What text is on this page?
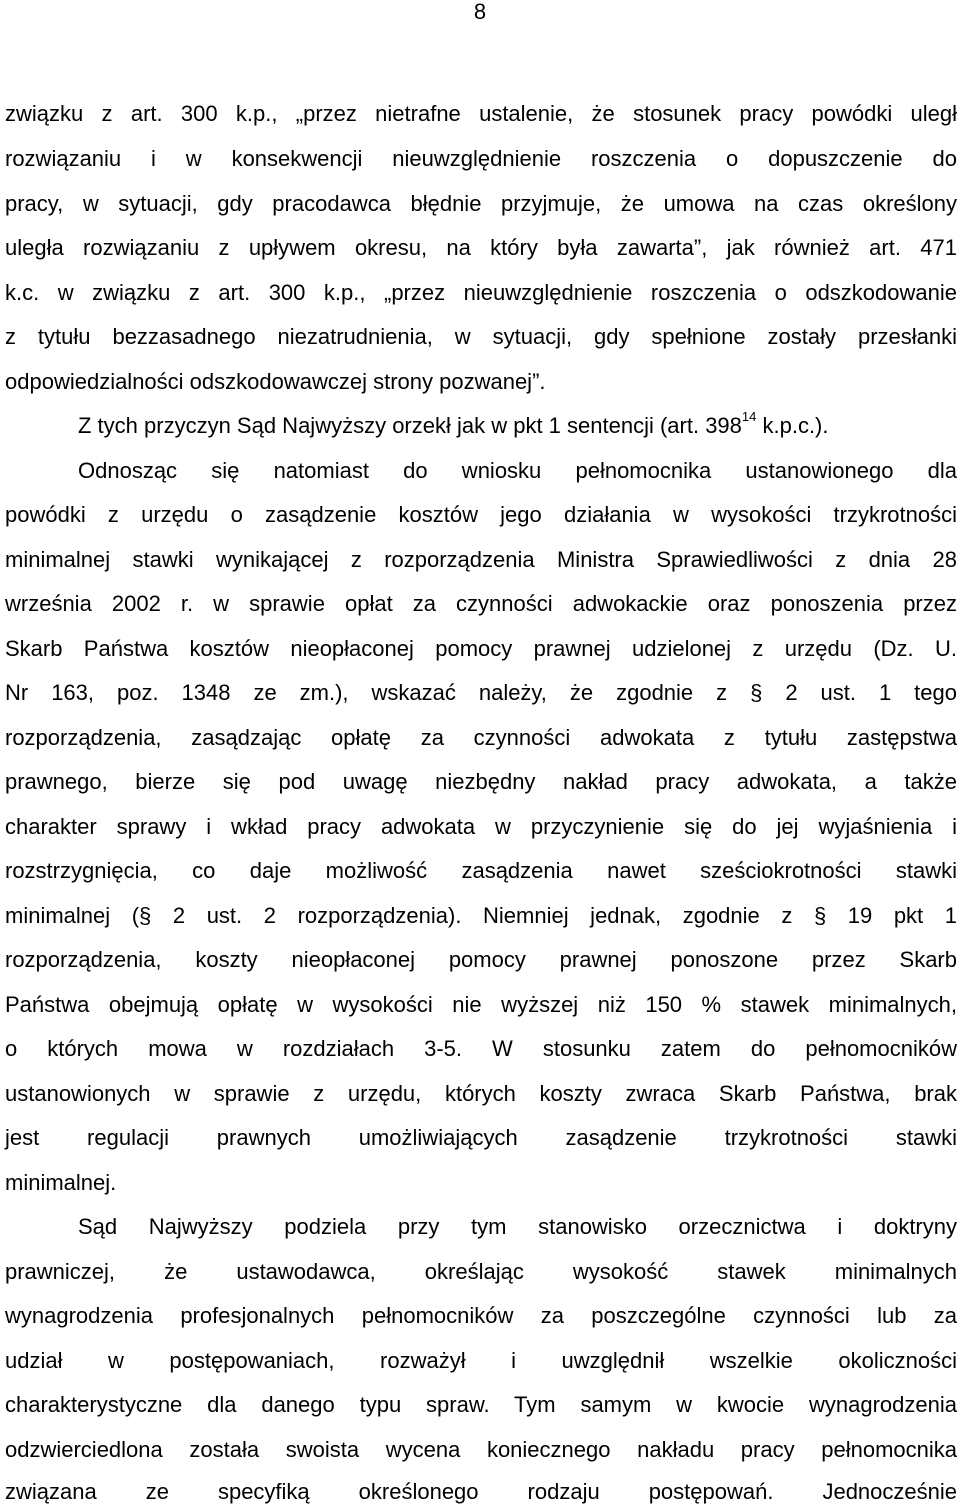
8
związku z art. 300 k.p., „przez nietrafne ustalenie, że stosunek pracy powódki uległ
rozwiązaniu i w konsekwencji nieuwzględnienie roszczenia o dopuszczenie do
pracy, w sytuacji, gdy pracodawca błędnie przyjmuje, że umowa na czas określony
uległa rozwiązaniu z upływem okresu, na który była zawarta”, jak również art. 471
k.c. w związku z art. 300 k.p., „przez nieuwzględnienie roszczenia o odszkodowanie
z tytułu bezzasadnego niezatrudnienia, w sytuacji, gdy spełnione zostały przesłanki
odpowiedzialności odszkodowawczej strony pozwanej”.
Z tych przyczyn Sąd Najwyższy orzekł jak w pkt 1 sentencji (art. $398^{14}$ k.p.c.).
Odnosząc się natomiast do wniosku pełnomocnika ustanowionego dla
powódki z urzędu o zasądzenie kosztów jego działania w wysokości trzykrotności
minimalnej stawki wynikającej z rozporządzenia Ministra Sprawiedliwości z dnia 28
września 2002 r. w sprawie opłat za czynności adwokackie oraz ponoszenia przez
Skarb Państwa kosztów nieopłaconej pomocy prawnej udzielonej z urzędu (Dz. U.
Nr 163, poz. 1348 ze zm.), wskazać należy, że zgodnie z § 2 ust. 1 tego
rozporządzenia, zasądzając opłatę za czynności adwokata z tytułu zastępstwa
prawnego, bierze się pod uwagę niezbędny nakład pracy adwokata, a także
charakter sprawy i wkład pracy adwokata w przyczynienie się do jej wyjaśnienia i
rozstrzygnięcia, co daje możliwość zasądzenia nawet sześciokrotności stawki
minimalnej (§ 2 ust. 2 rozporządzenia). Niemniej jednak, zgodnie z § 19 pkt 1
rozporządzenia, koszty nieopłaconej pomocy prawnej ponoszone przez Skarb
Państwa obejmują opłatę w wysokości nie wyższej niż 150 % stawek minimalnych,
o których mowa w rozdziałach 3-5. W stosunku zatem do pełnomocników
ustanowionych w sprawie z urzędu, których koszty zwraca Skarb Państwa, brak
jest regulacji prawnych umożliwiających zasądzenie trzykrotności stawki
minimalnej.
Sąd Najwyższy podziela przy tym stanowisko orzecznictwa i doktryny
prawniczej, że ustawodawca, określając wysokość stawek minimalnych
wynagrodzenia profesjonalnych pełnomocników za poszczególne czynności lub za
udział w postępowaniach, rozważył i uwzględnił wszelkie okoliczności
charakterystyczne dla danego typu spraw. Tym samym w kwocie wynagrodzenia
odzwierciedlona została swoista wycena koniecznego nakładu pracy pełnomocnika
związana ze specyfiką określonego rodzaju postępowań. Jednocześnie
